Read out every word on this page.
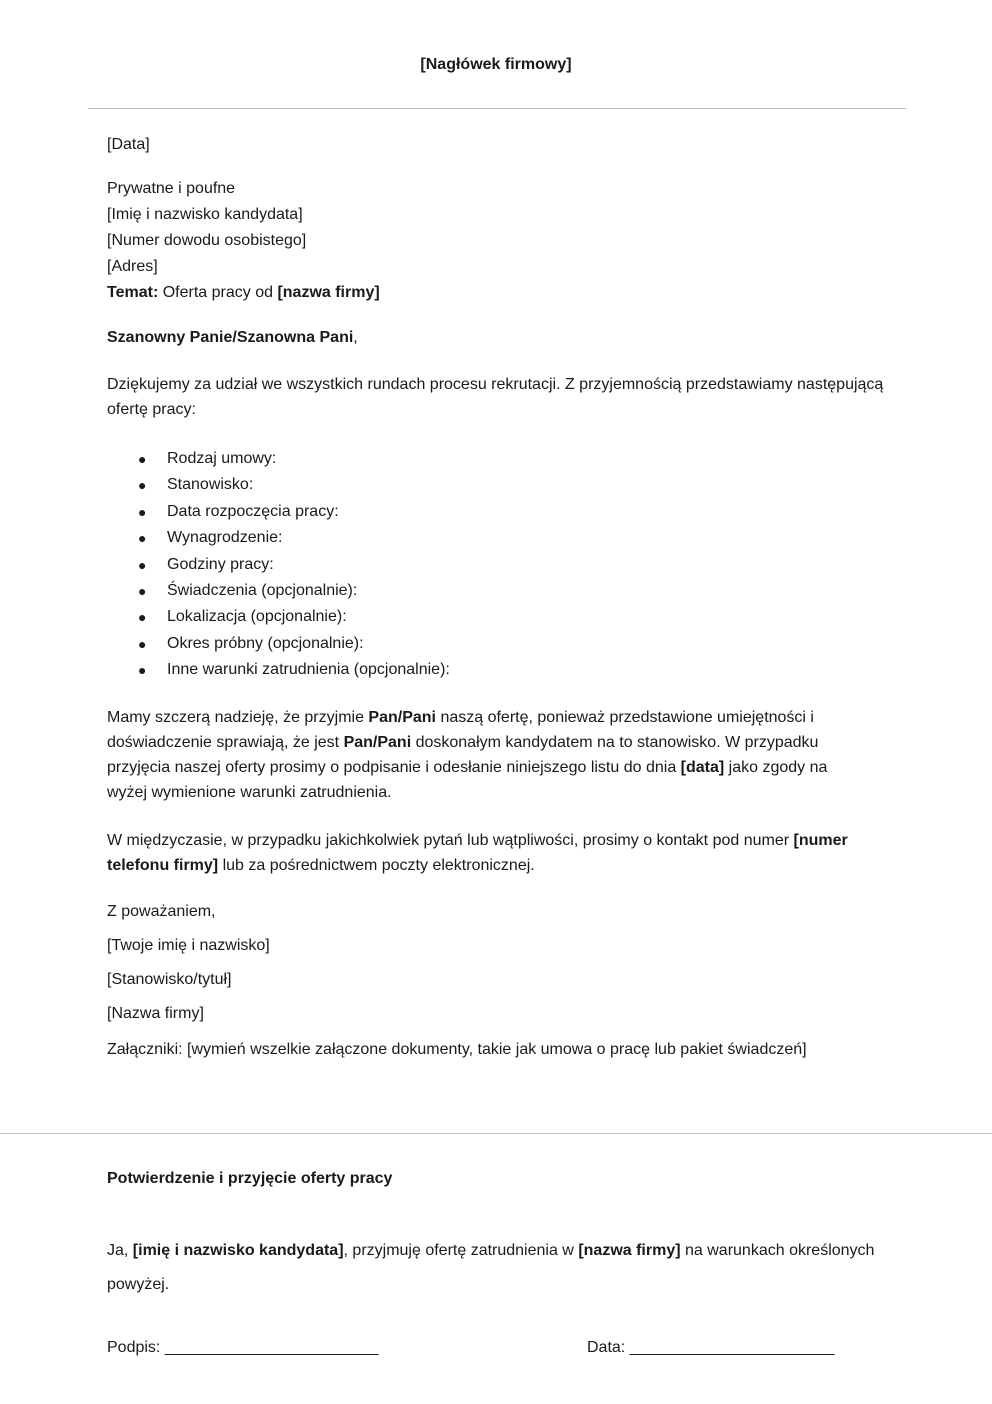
[Nagłówek firmowy]
[Data]
Prywatne i poufne
[Imię i nazwisko kandydata]
[Numer dowodu osobistego]
[Adres]
Temat: Oferta pracy od [nazwa firmy]
Szanowny Panie/Szanowna Pani,
Dziękujemy za udział we wszystkich rundach procesu rekrutacji. Z przyjemnością przedstawiamy następującą ofertę pracy:
● Rodzaj umowy:
● Stanowisko:
● Data rozpoczęcia pracy:
● Wynagrodzenie:
● Godziny pracy:
● Świadczenia (opcjonalnie):
● Lokalizacja (opcjonalnie):
● Okres próbny (opcjonalnie):
● Inne warunki zatrudnienia (opcjonalnie):
Mamy szczerą nadzieję, że przyjmie Pan/Pani naszą ofertę, ponieważ przedstawione umiejętności i doświadczenie sprawiają, że jest Pan/Pani doskonałym kandydatem na to stanowisko. W przypadku przyjęcia naszej oferty prosimy o podpisanie i odesłanie niniejszego listu do dnia [data] jako zgody na wyżej wymienione warunki zatrudnienia.
W międzyczasie, w przypadku jakichkolwiek pytań lub wątpliwości, prosimy o kontakt pod numer [numer telefonu firmy] lub za pośrednictwem poczty elektronicznej.
Z poważaniem,
[Twoje imię i nazwisko]
[Stanowisko/tytuł]
[Nazwa firmy]
Załączniki: [wymień wszelkie załączone dokumenty, takie jak umowa o pracę lub pakiet świadczeń]
Potwierdzenie i przyjęcie oferty pracy
Ja, [imię i nazwisko kandydata], przyjmuję ofertę zatrudnienia w [nazwa firmy] na warunkach określonych powyżej.
Podpis: ________________________	Data: _______________________
